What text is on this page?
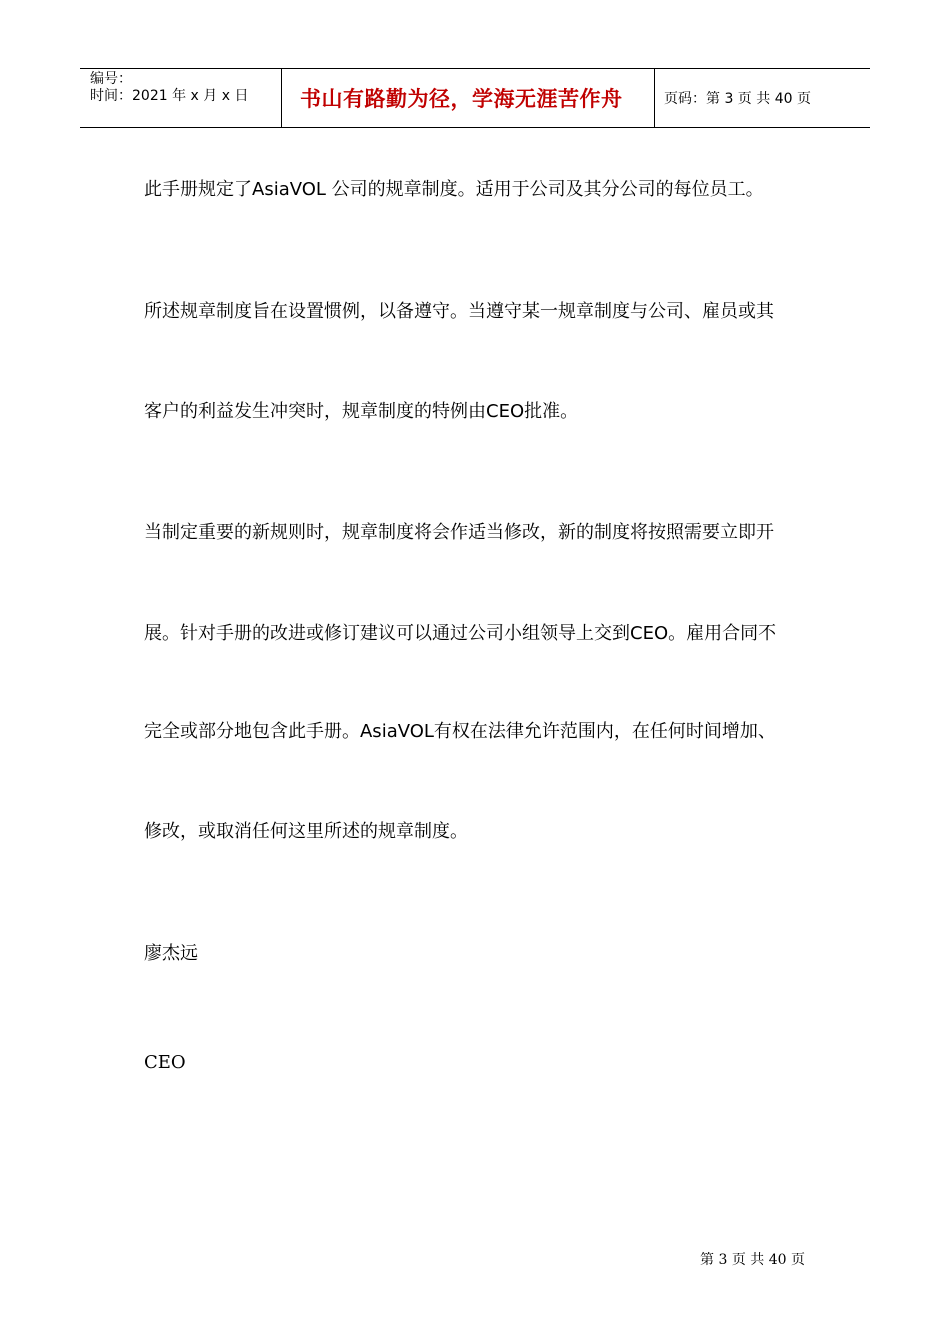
编号：
时间：2021 年 x 月 x 日	书山有路勤为径，学海无涯苦作舟	页码：第 3 页 共 40 页
此手册规定了AsiaVOL 公司的规章制度。适用于公司及其分公司的每位员工。
所述规章制度旨在设置惯例，以备遵守。当遵守某一规章制度与公司、雇员或其
客户的利益发生冲突时，规章制度的特例由CEO批准。
当制定重要的新规则时，规章制度将会作适当修改，新的制度将按照需要立即开
展。针对手册的改进或修订建议可以通过公司小组领导上交到CEO。雇用合同不
完全或部分地包含此手册。AsiaVOL有权在法律允许范围内，在任何时间增加、
修改，或取消任何这里所述的规章制度。
廖杰远
CEO
第 3 页 共 40 页
